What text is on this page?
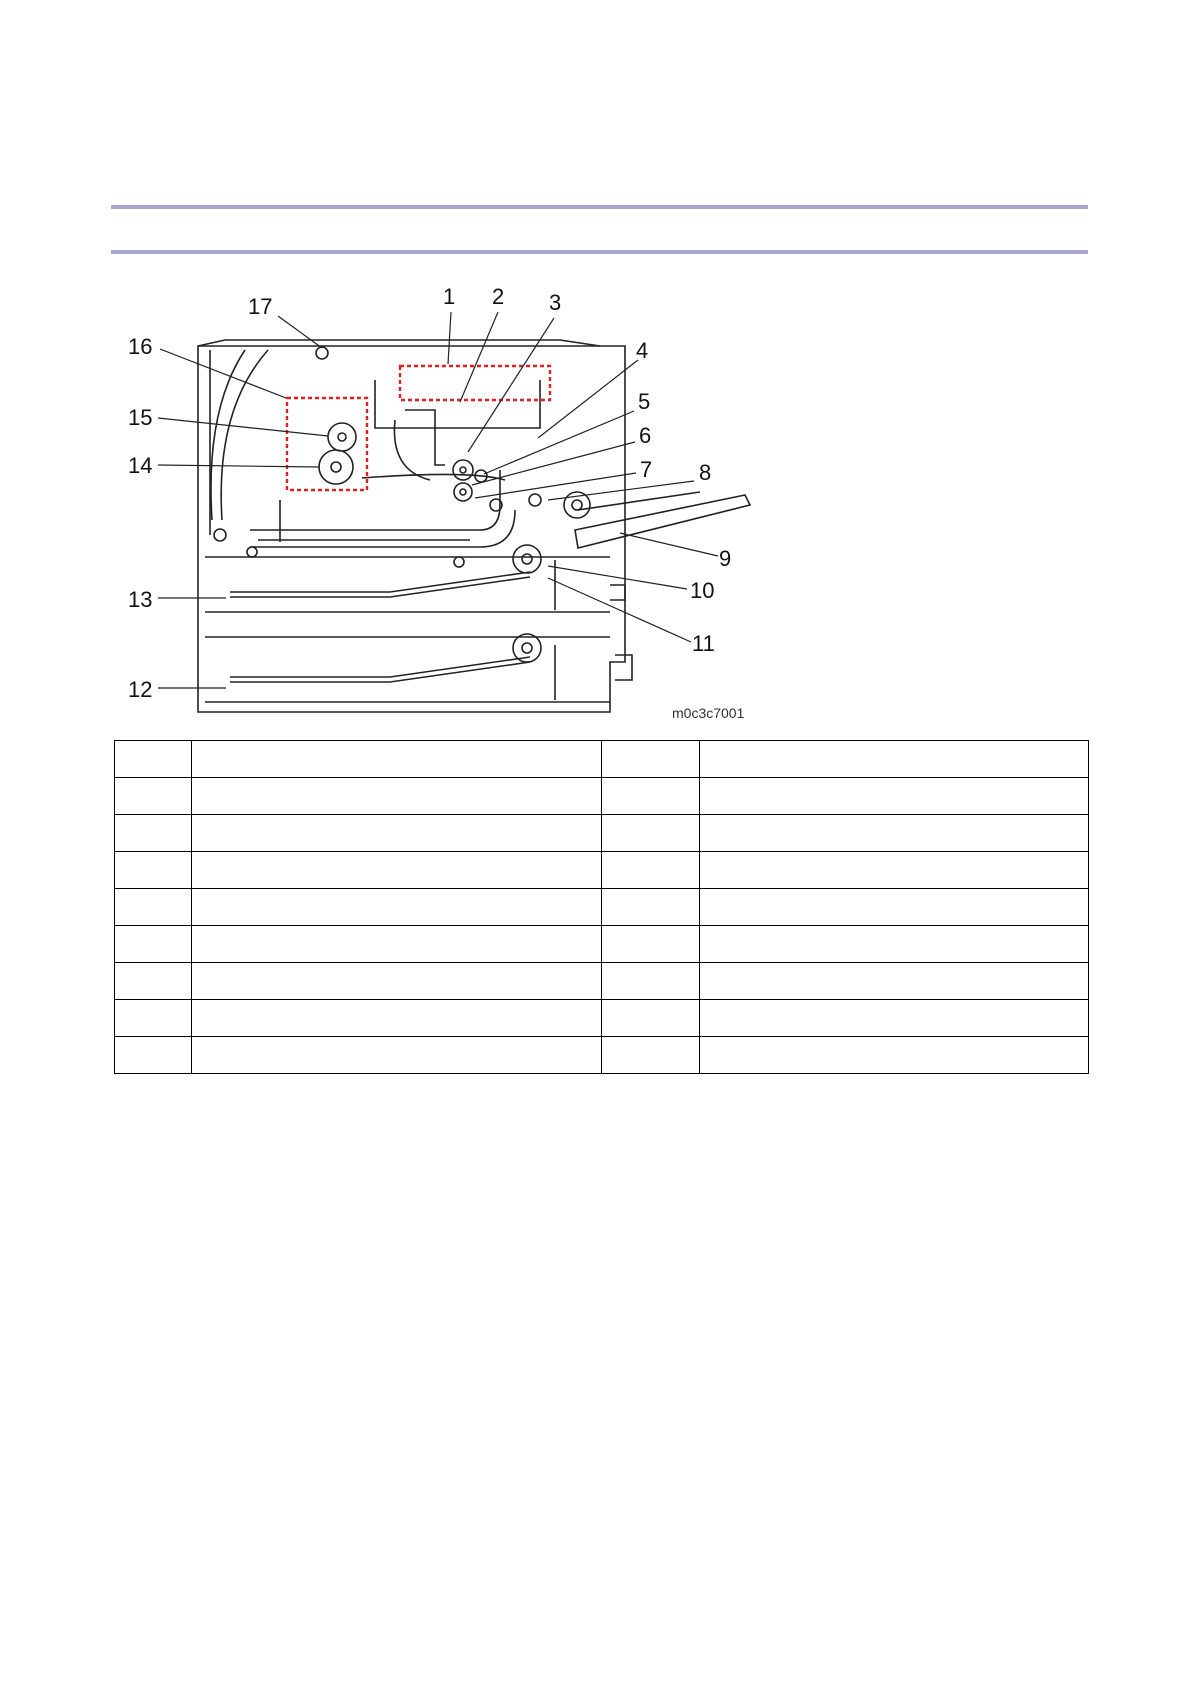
1 2 3
4
5
6
7 8
9
10
11
12
13
14
15
16
17
m0c3c7001
